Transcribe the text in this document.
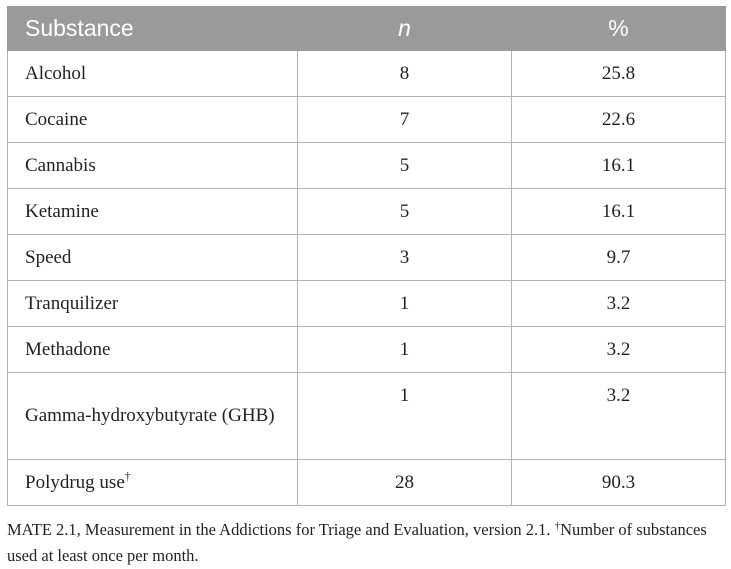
Substance	n	%
Alcohol	8	25.8
Cocaine	7	22.6
Cannabis	5	16.1
Ketamine	5	16.1
Speed	3	9.7
Tranquilizer	1	3.2
Methadone	1	3.2
Gamma-hydroxybutyrate (GHB)	1	3.2
Polydrug use†	28	90.3
MATE 2.1, Measurement in the Addictions for Triage and Evaluation, version 2.1. †Number of substances used at least once per month.
